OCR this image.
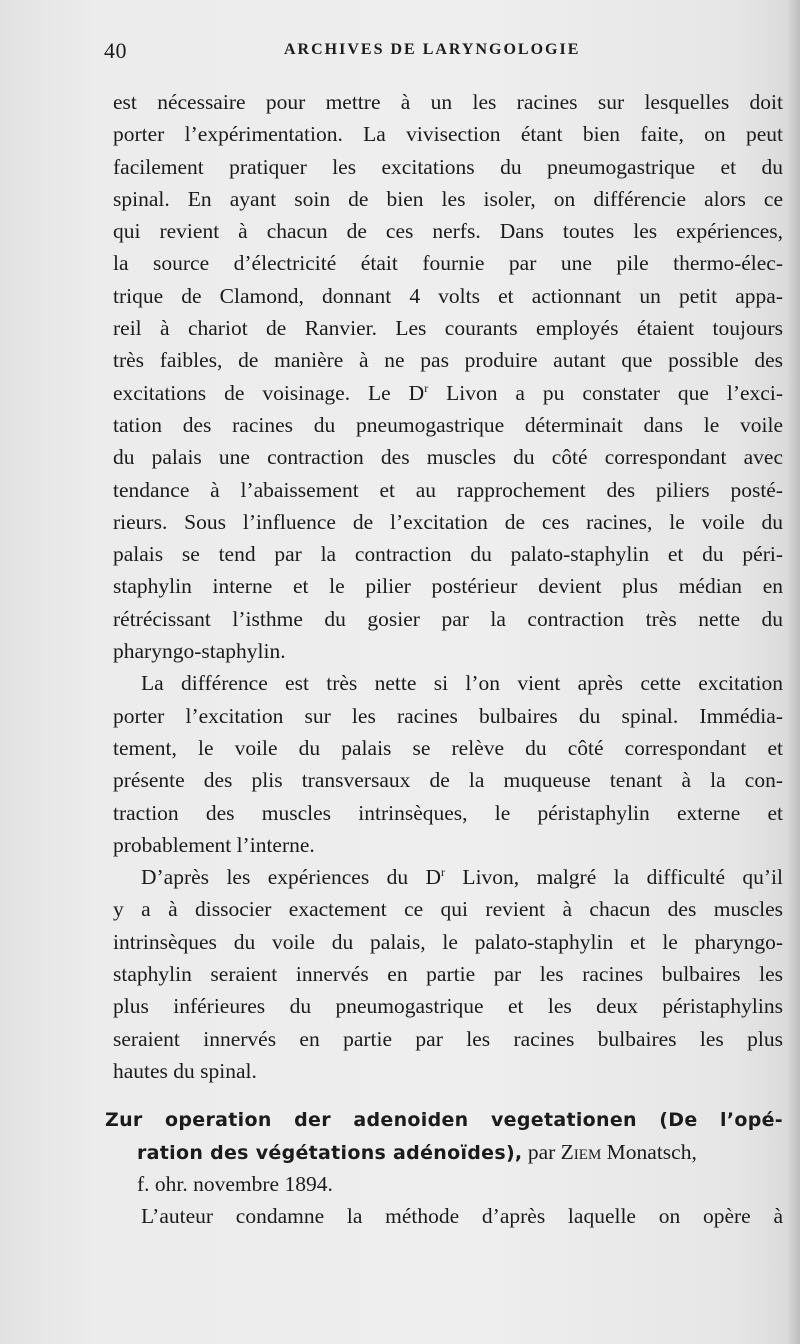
40	ARCHIVES DE LARYNGOLOGIE
est nécessaire pour mettre à un les racines sur lesquelles doit
porter l’expérimentation. La vivisection étant bien faite, on peut
facilement pratiquer les excitations du pneumogastrique et du
spinal. En ayant soin de bien les isoler, on différencie alors ce
qui revient à chacun de ces nerfs. Dans toutes les expériences,
la source d’électricité était fournie par une pile thermo-élec-
trique de Clamond, donnant 4 volts et actionnant un petit appa-
reil à chariot de Ranvier. Les courants employés étaient toujours
très faibles, de manière à ne pas produire autant que possible des
excitations de voisinage. Le $D^r$ Livon a pu constater que l’exci-
tation des racines du pneumogastrique déterminait dans le voile
du palais une contraction des muscles du côté correspondant avec
tendance à l’abaissement et au rapprochement des piliers posté-
rieurs. Sous l’influence de l’excitation de ces racines, le voile du
palais se tend par la contraction du palato-staphylin et du péri-
staphylin interne et le pilier postérieur devient plus médian en
rétrécissant l’isthme du gosier par la contraction très nette du
pharyngo-staphylin.
La différence est très nette si l’on vient après cette excitation
porter l’excitation sur les racines bulbaires du spinal. Immédia-
tement, le voile du palais se relève du côté correspondant et
présente des plis transversaux de la muqueuse tenant à la con-
traction des muscles intrinsèques, le péristaphylin externe et
probablement l’interne.
D’après les expériences du $D^r$ Livon, malgré la difficulté qu’il
y a à dissocier exactement ce qui revient à chacun des muscles
intrinsèques du voile du palais, le palato-staphylin et le pharyngo-
staphylin seraient innervés en partie par les racines bulbaires les
plus inférieures du pneumogastrique et les deux péristaphylins
seraient innervés en partie par les racines bulbaires les plus
hautes du spinal.
Zur operation der adenoiden vegetationen (De l’opé-
ration des végétations adénoïdes), par Ziem Monatsch,
f. ohr. novembre 1894.
L’auteur condamne la méthode d’après laquelle on opère à
